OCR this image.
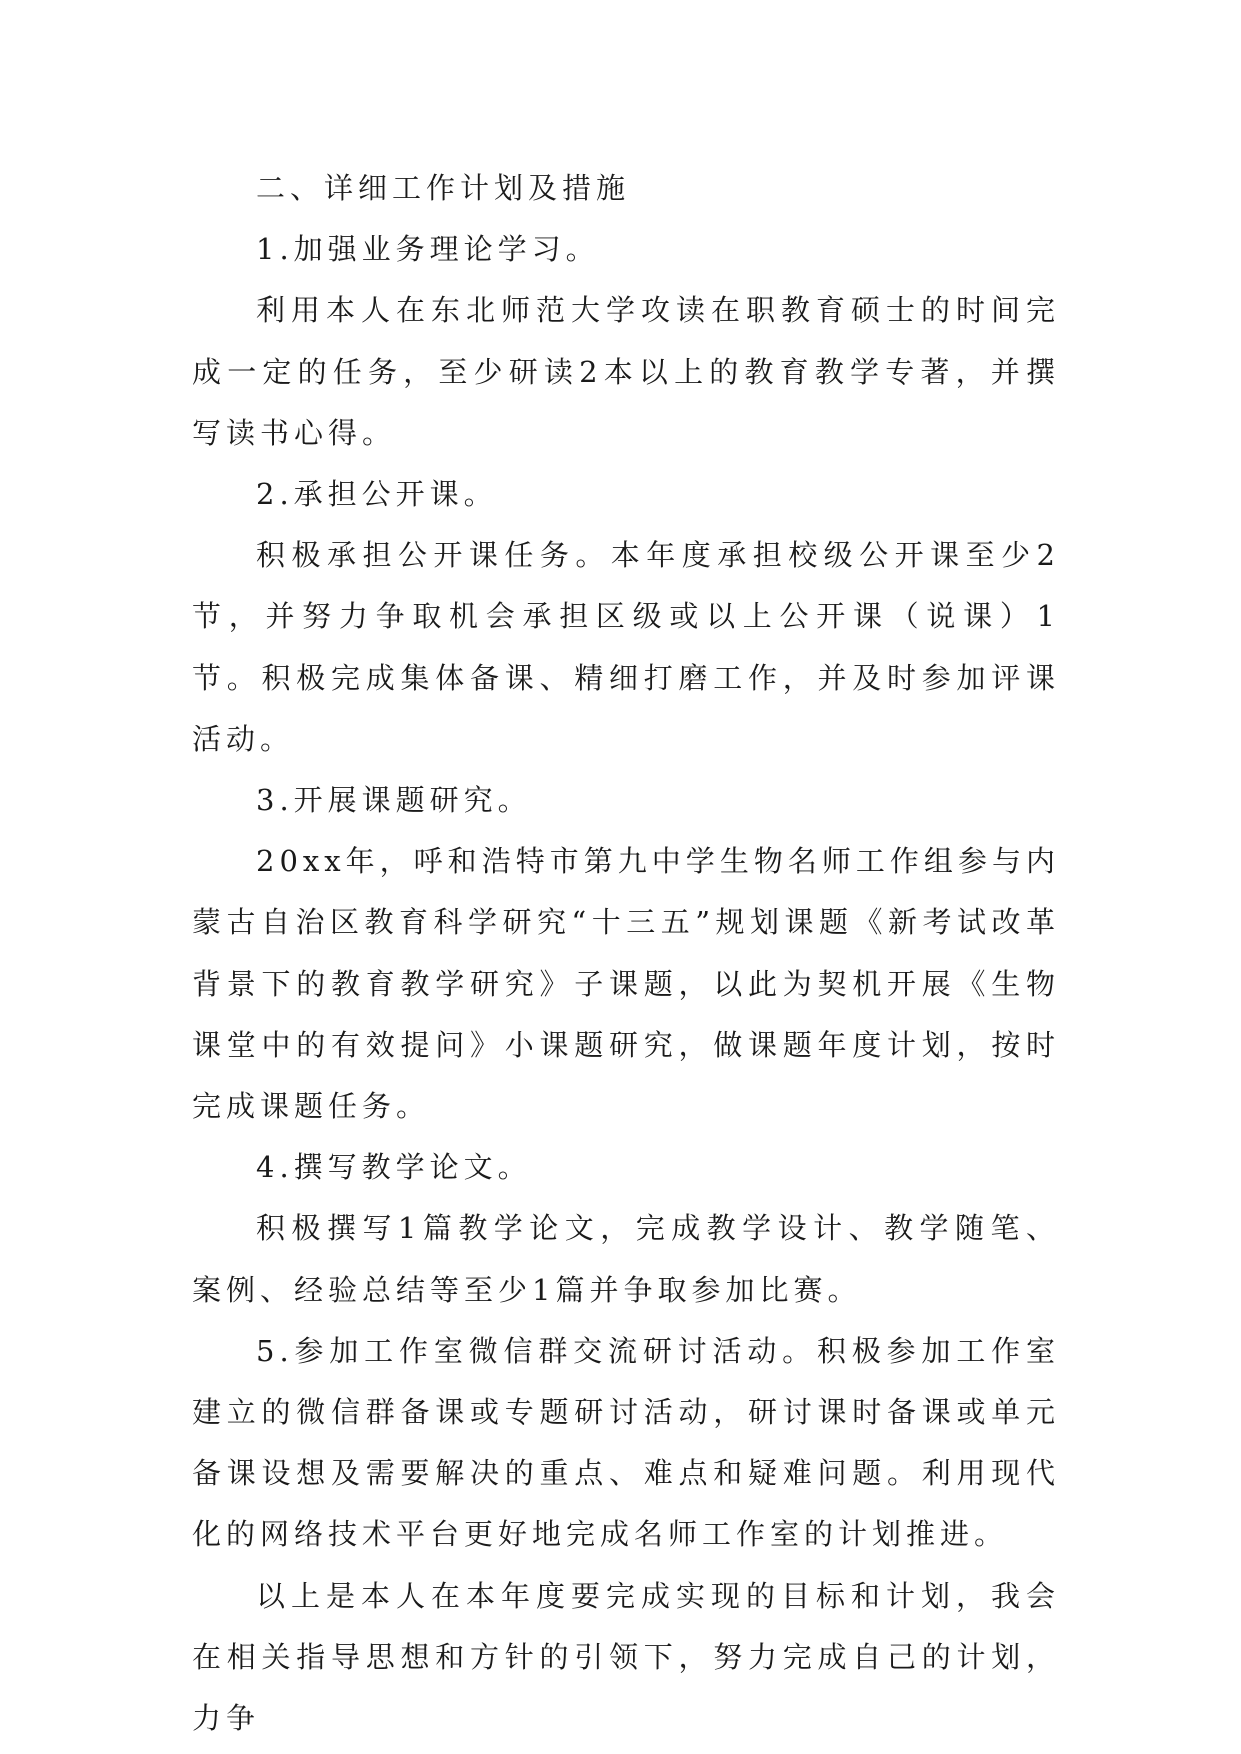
二、详细工作计划及措施

1.加强业务理论学习。

利用本人在东北师范大学攻读在职教育硕士的时间完成一定的任务，至少研读2本以上的教育教学专著，并撰写读书心得。

2.承担公开课。

积极承担公开课任务。本年度承担校级公开课至少2节，并努力争取机会承担区级或以上公开课（说课）1节。积极完成集体备课、精细打磨工作，并及时参加评课活动。

3.开展课题研究。

20xx年，呼和浩特市第九中学生物名师工作组参与内蒙古自治区教育科学研究“十三五”规划课题《新考试改革背景下的教育教学研究》子课题，以此为契机开展《生物课堂中的有效提问》小课题研究，做课题年度计划，按时完成课题任务。

4.撰写教学论文。

积极撰写1篇教学论文，完成教学设计、教学随笔、案例、经验总结等至少1篇并争取参加比赛。

5.参加工作室微信群交流研讨活动。积极参加工作室建立的微信群备课或专题研讨活动，研讨课时备课或单元备课设想及需要解决的重点、难点和疑难问题。利用现代化的网络技术平台更好地完成名师工作室的计划推进。

以上是本人在本年度要完成实现的目标和计划，我会在相关指导思想和方针的引领下，努力完成自己的计划，力争
